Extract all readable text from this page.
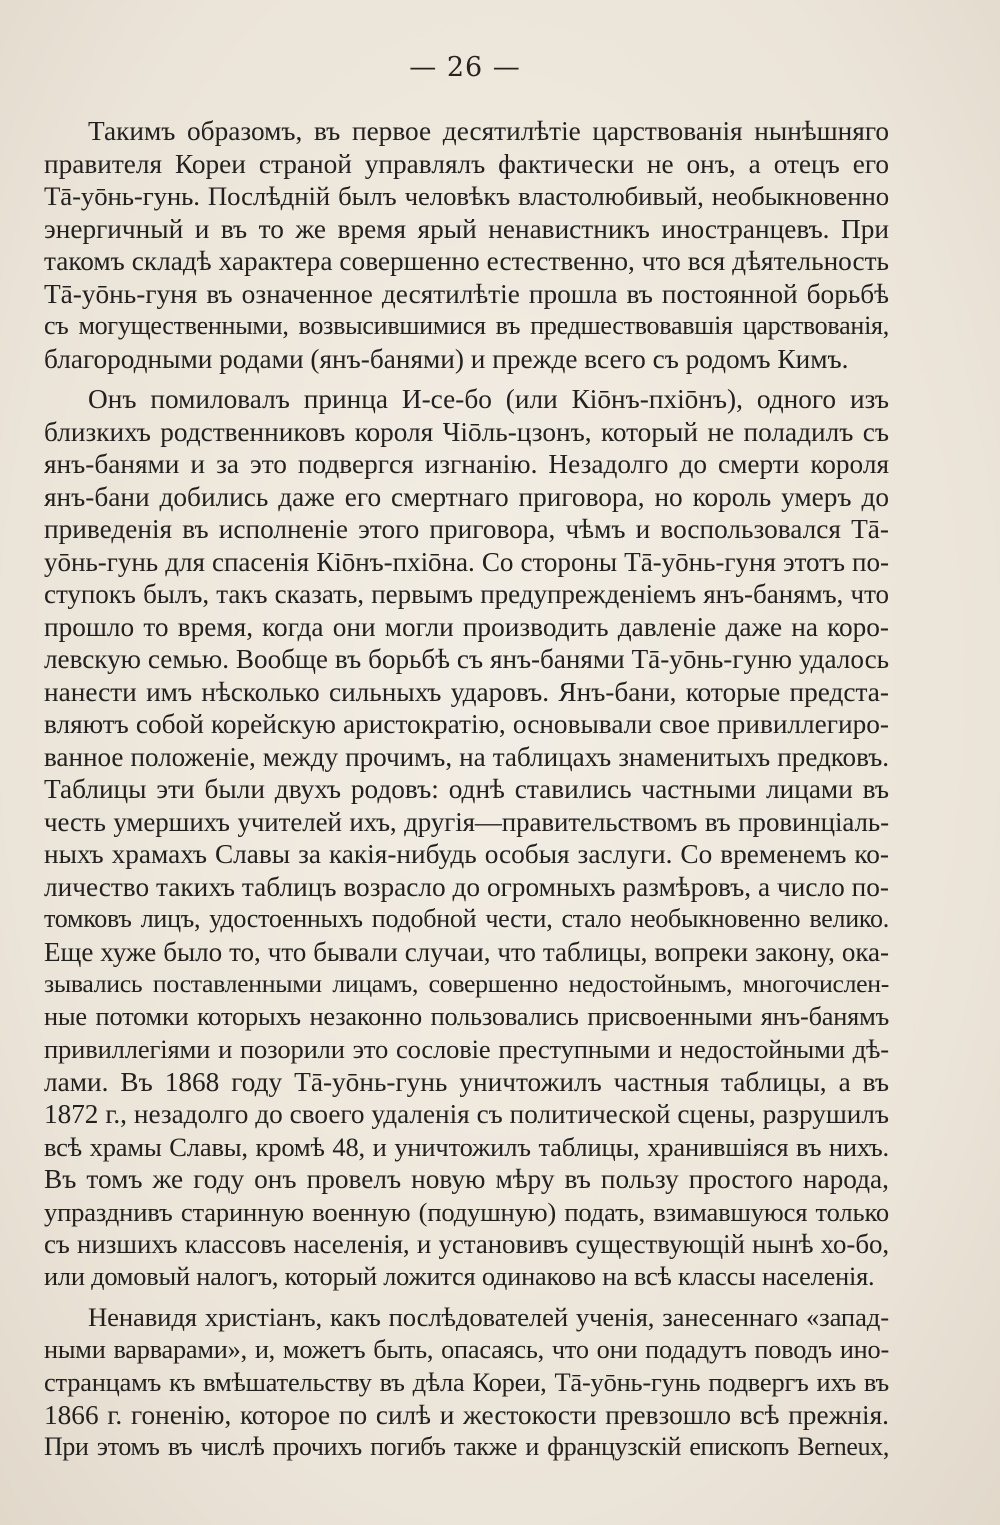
— 26 —
Такимъ образомъ, въ первое десятилѣтіе царствованія нынѣшняго
правителя Кореи страной управлялъ фактически не онъ, а отецъ его
Тā-уōнь-гунь. Послѣдній былъ человѣкъ властолюбивый, необыкновенно
энергичный и въ то же время ярый ненавистникъ иностранцевъ. При
такомъ складѣ характера совершенно естественно, что вся дѣятельность
Тā-уōнь-гуня въ означенное десятилѣтіе прошла въ постоянной борьбѣ
съ могущественными, возвысившимися въ предшествовавшія царствованія,
благородными родами (янъ-банями) и прежде всего съ родомъ Кимъ.
Онъ помиловалъ принца И-се-бо (или Кіōнъ-пхіōнъ), одного изъ
близкихъ родственниковъ короля Чіōль-цзонъ, который не поладилъ съ
янъ-банями и за это подвергся изгнанію. Незадолго до смерти короля
янъ-бани добились даже его смертнаго приговора, но король умеръ до
приведенія въ исполненіе этого приговора, чѣмъ и воспользовался Тā-
уōнь-гунь для спасенія Кіōнъ-пхіōна. Со стороны Тā-уōнь-гуня этотъ по-
ступокъ былъ, такъ сказать, первымъ предупрежденіемъ янъ-банямъ, что
прошло то время, когда они могли производить давленіе даже на коро-
левскую семью. Вообще въ борьбѣ съ янъ-банями Тā-уōнь-гуню удалось
нанести имъ нѣсколько сильныхъ ударовъ. Янъ-бани, которые предста-
вляютъ собой корейскую аристократію, основывали свое привиллегиро-
ванное положеніе, между прочимъ, на таблицахъ знаменитыхъ предковъ.
Таблицы эти были двухъ родовъ: однѣ ставились частными лицами въ
честь умершихъ учителей ихъ, другія—правительствомъ въ провинціаль-
ныхъ храмахъ Славы за какія-нибудь особыя заслуги. Со временемъ ко-
личество такихъ таблицъ возрасло до огромныхъ размѣровъ, а число по-
томковъ лицъ, удостоенныхъ подобной чести, стало необыкновенно велико.
Еще хуже было то, что бывали случаи, что таблицы, вопреки закону, ока-
зывались поставленными лицамъ, совершенно недостойнымъ, многочислен-
ные потомки которыхъ незаконно пользовались присвоенными янъ-банямъ
привиллегіями и позорили это сословіе преступными и недостойными дѣ-
лами. Въ 1868 году Тā-уōнь-гунь уничтожилъ частныя таблицы, а въ
1872 г., незадолго до своего удаленія съ политической сцены, разрушилъ
всѣ храмы Славы, кромѣ 48, и уничтожилъ таблицы, хранившіяся въ нихъ.
Въ томъ же году онъ провелъ новую мѣру въ пользу простого народа,
упразднивъ старинную военную (подушную) подать, взимавшуюся только
съ низшихъ классовъ населенія, и установивъ существующій нынѣ хо-бо,
или домовый налогъ, который ложится одинаково на всѣ классы населенія.
Ненавидя христіанъ, какъ послѣдователей ученія, занесеннаго «запад-
ными варварами», и, можетъ быть, опасаясь, что они подадутъ поводъ ино-
странцамъ къ вмѣшательству въ дѣла Кореи, Тā-уōнь-гунь подвергъ ихъ въ
1866 г. гоненію, которое по силѣ и жестокости превзошло всѣ прежнія.
При этомъ въ числѣ прочихъ погибъ также и французскій епископъ Berneux,
